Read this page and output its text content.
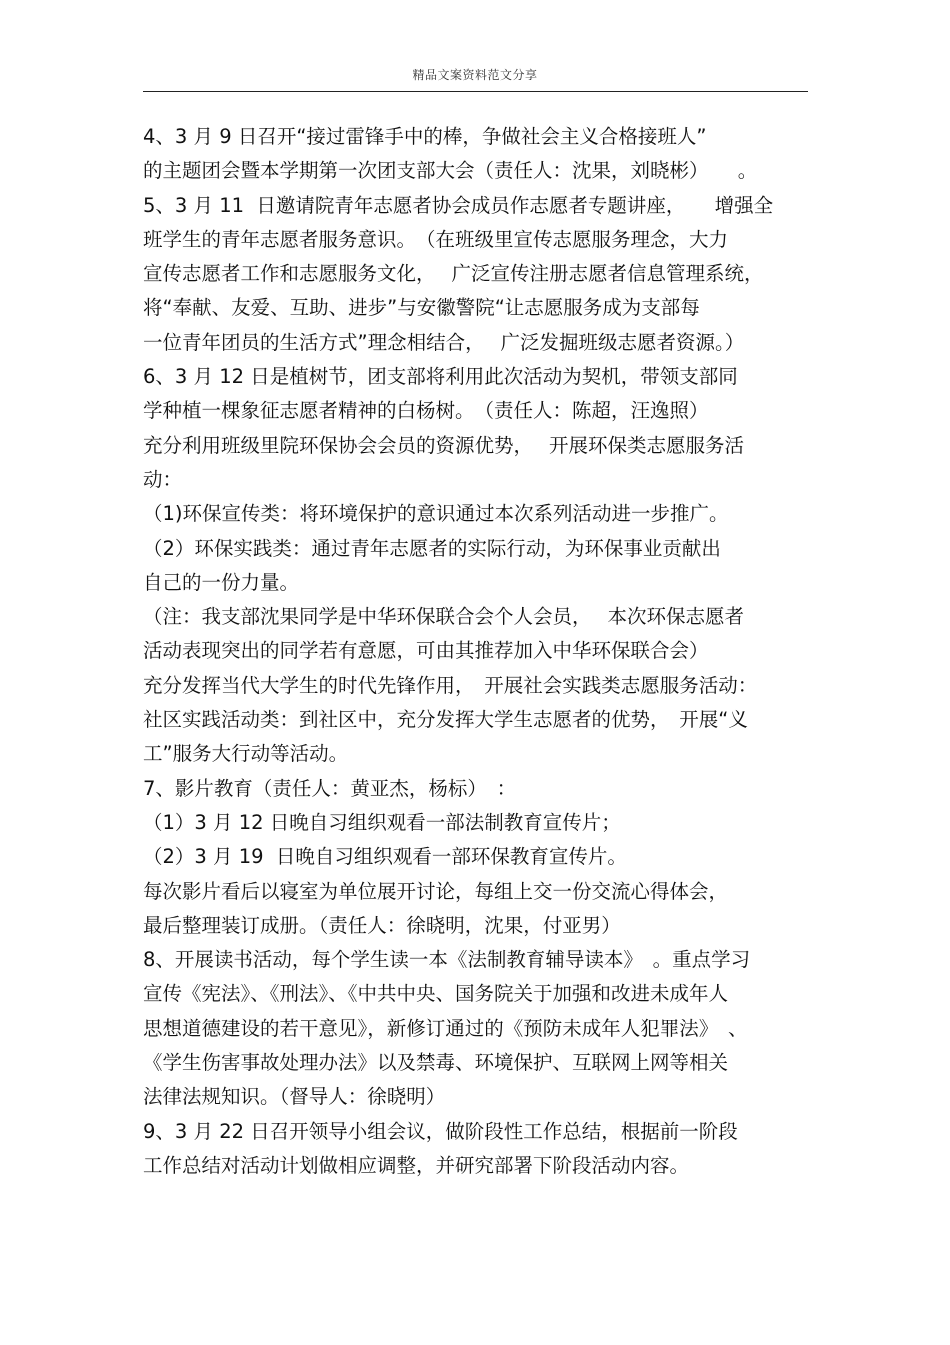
精品文案资料范文分享
4、3 月 9 日召开“接过雷锋手中的棒，争做社会主义合格接班人”
的主题团会暨本学期第一次团支部大会（责任人：沈果，刘晓彬）　　。
5、3 月 11  日邀请院青年志愿者协会成员作志愿者专题讲座，　　增强全
班学生的青年志愿者服务意识。　（在班级里宣传志愿服务理念，大力
宣传志愿者工作和志愿服务文化，　 广泛宣传注册志愿者信息管理系统，
将“奉献、友爱、互助、进步”与安徽警院“让志愿服务成为支部每
一位青年团员的生活方式”理念相结合，　 广泛发掘班级志愿者资源。）
6、3 月 12 日是植树节，团支部将利用此次活动为契机，带领支部同
学种植一棵象征志愿者精神的白杨树。　（责任人：陈超，汪逸照）
充分利用班级里院环保协会会员的资源优势，　 开展环保类志愿服务活
动：
（1)环保宣传类：将环境保护的意识通过本次系列活动进一步推广。
（2）环保实践类：通过青年志愿者的实际行动，为环保事业贡献出
自己的一份力量。
（注：我支部沈果同学是中华环保联合会个人会员，　 本次环保志愿者
活动表现突出的同学若有意愿，可由其推荐加入中华环保联合会）
充分发挥当代大学生的时代先锋作用，　开展社会实践类志愿服务活动：
社区实践活动类：到社区中，充分发挥大学生志愿者的优势，　开展“义
工”服务大行动等活动。
7、影片教育（责任人：黄亚杰，杨标）　：
（1）3 月 12 日晚自习组织观看一部法制教育宣传片；
（2）3 月 19  日晚自习组织观看一部环保教育宣传片。
每次影片看后以寝室为单位展开讨论，每组上交一份交流心得体会，
最后整理装订成册。（责任人：徐晓明，沈果，付亚男）
8、开展读书活动，每个学生读一本《法制教育辅导读本》　。重点学习
宣传《宪法》、《刑法》、《中共中央、国务院关于加强和改进未成年人
思想道德建设的若干意见》，新修订通过的《预防未成年人犯罪法》　、
《学生伤害事故处理办法》以及禁毒、环境保护、互联网上网等相关
法律法规知识。（督导人：徐晓明）
9、3 月 22 日召开领导小组会议，做阶段性工作总结，根据前一阶段
工作总结对活动计划做相应调整，并研究部署下阶段活动内容。
